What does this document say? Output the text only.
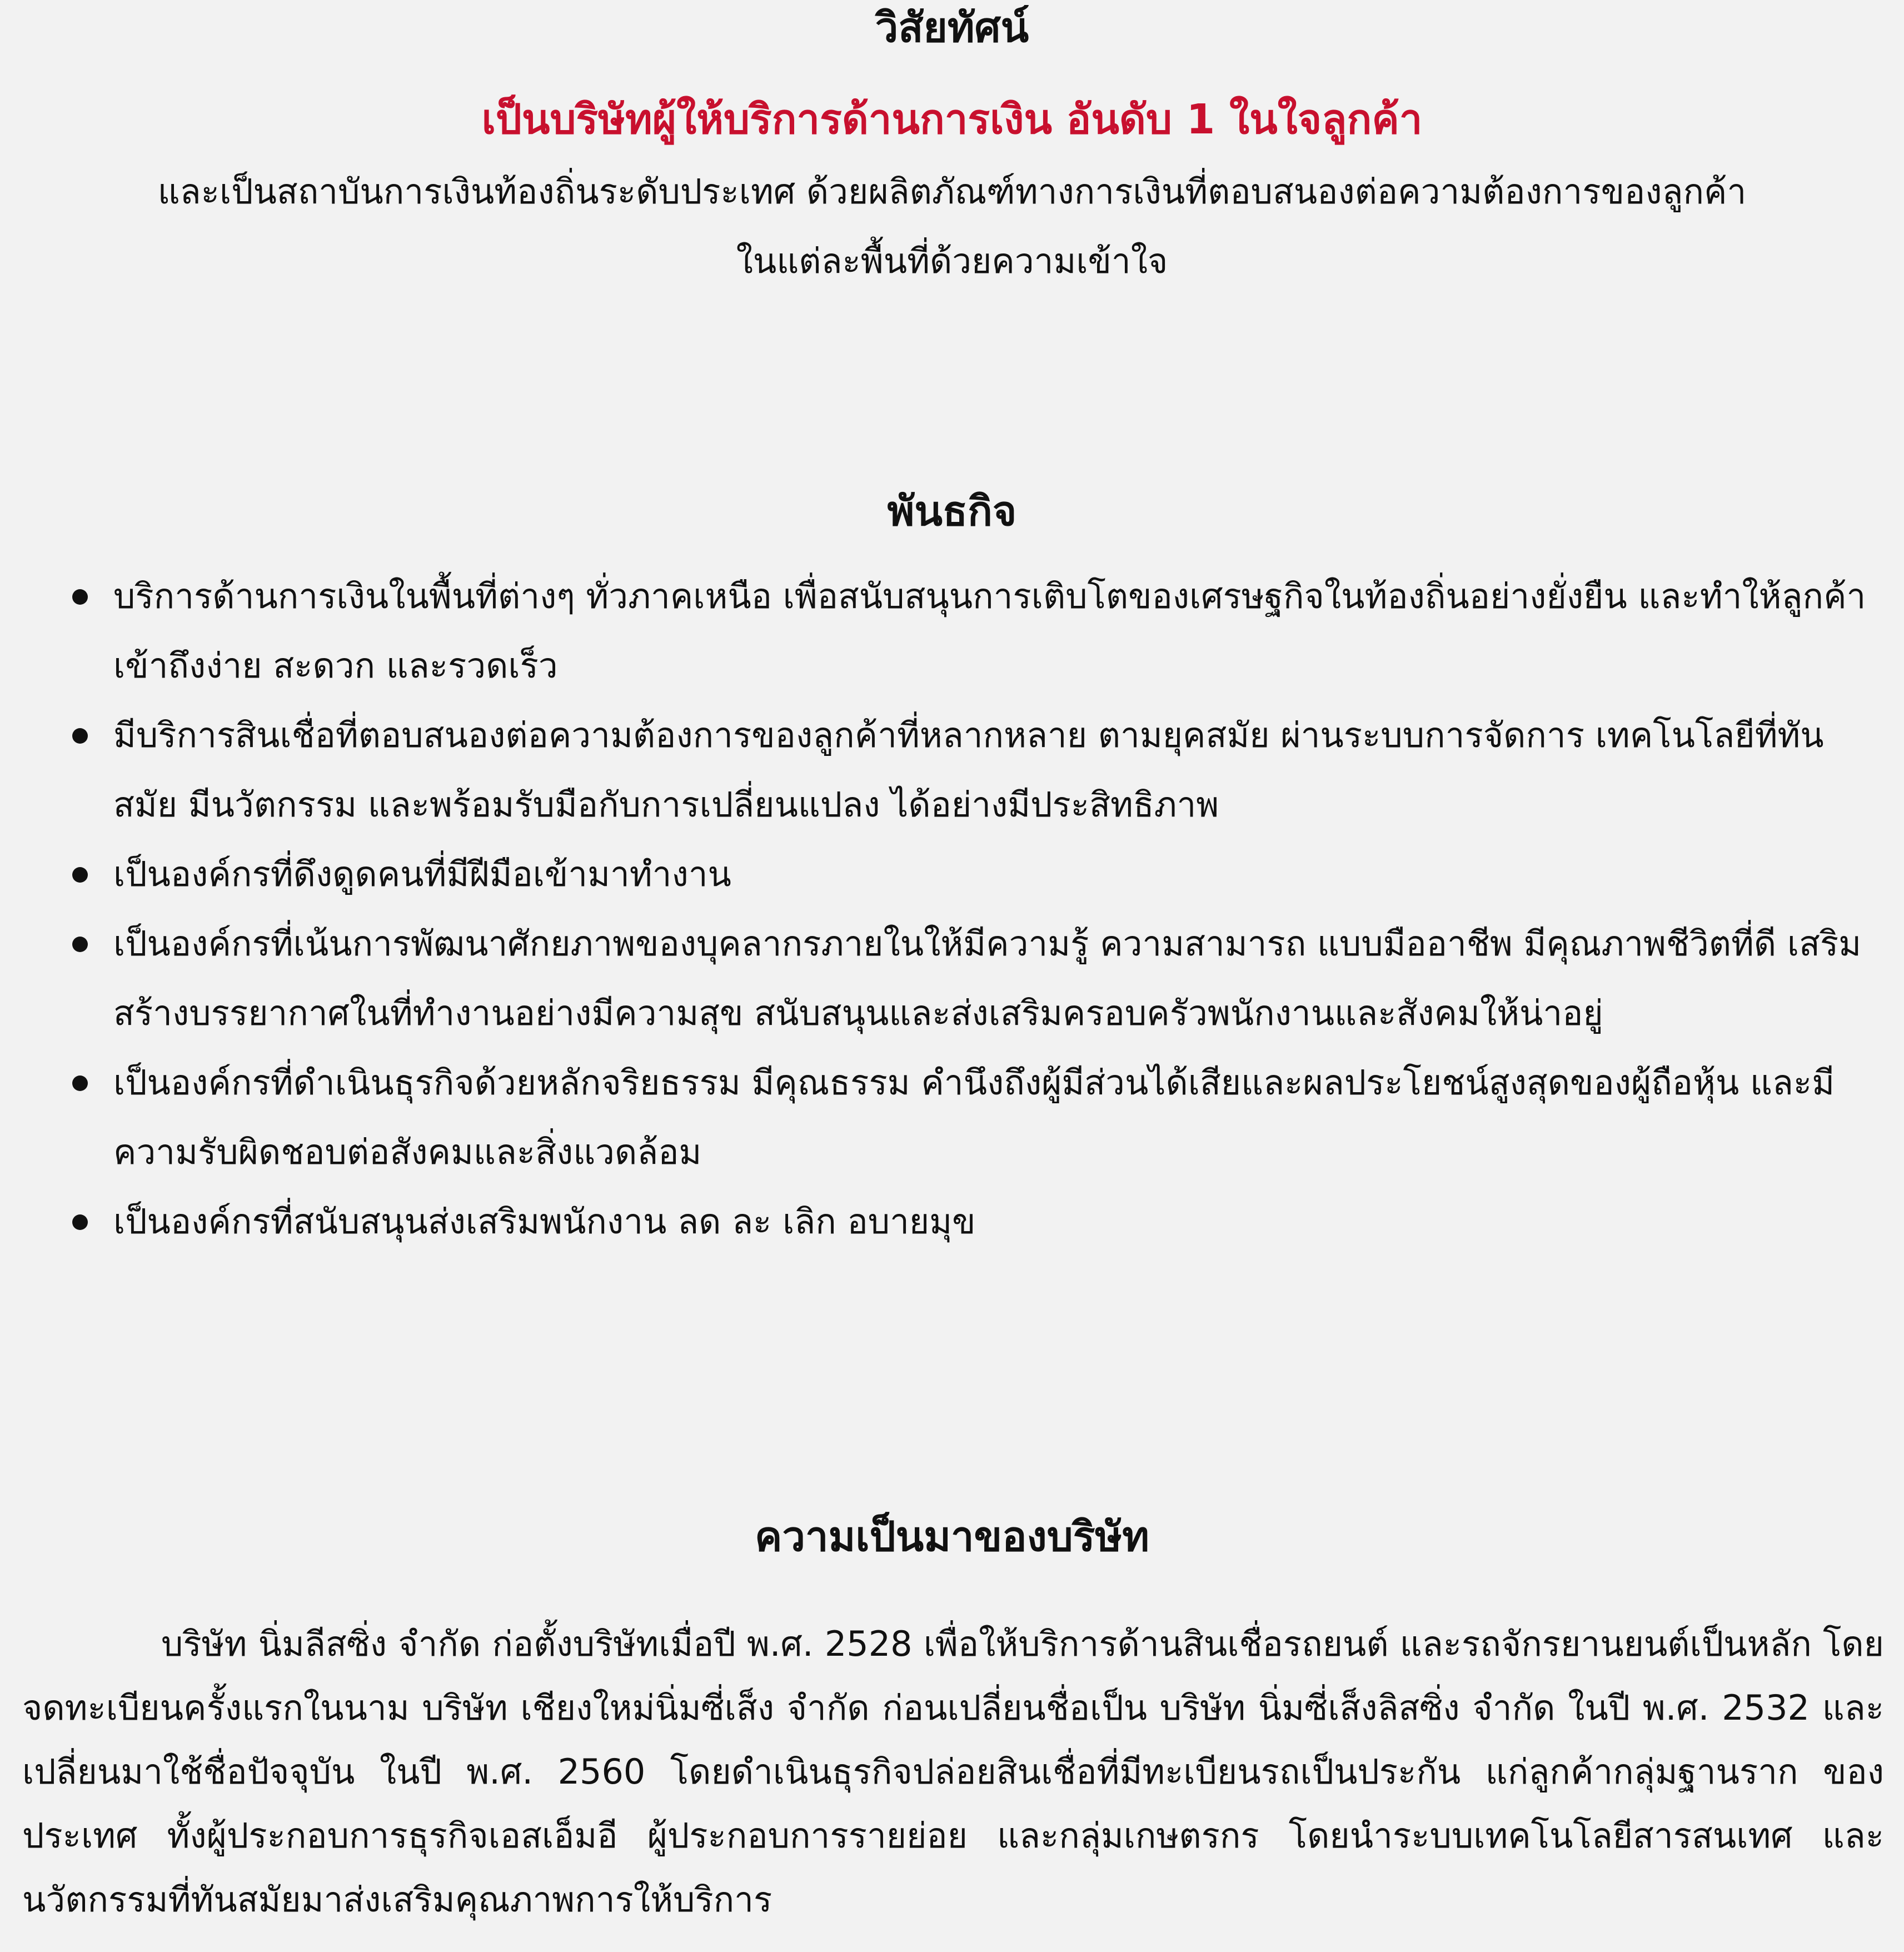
วิสัยทัศน์

เป็นบริษัทผู้ให้บริการด้านการเงิน อันดับ 1 ในใจลูกค้า

และเป็นสถาบันการเงินท้องถิ่นระดับประเทศ ด้วยผลิตภัณฑ์ทางการเงินที่ตอบสนองต่อความต้องการของลูกค้า

ในแต่ละพื้นที่ด้วยความเข้าใจ

พันธกิจ
บริการด้านการเงินในพื้นที่ต่างๆ ทั่วภาคเหนือ เพื่อสนับสนุนการเติบโตของเศรษฐกิจในท้องถิ่นอย่างยั่งยืน และทำให้ลูกค้าเข้าถึงง่าย สะดวก และรวดเร็ว
มีบริการสินเชื่อที่ตอบสนองต่อความต้องการของลูกค้าที่หลากหลาย ตามยุคสมัย ผ่านระบบการจัดการ เทคโนโลยีที่ทันสมัย มีนวัตกรรม และพร้อมรับมือกับการเปลี่ยนแปลง ได้อย่างมีประสิทธิภาพ
เป็นองค์กรที่ดึงดูดคนที่มีฝีมือเข้ามาทำงาน
เป็นองค์กรที่เน้นการพัฒนาศักยภาพของบุคลากรภายในให้มีความรู้ ความสามารถ แบบมืออาชีพ มีคุณภาพชีวิตที่ดี เสริมสร้างบรรยากาศในที่ทำงานอย่างมีความสุข สนับสนุนและส่งเสริมครอบครัวพนักงานและสังคมให้น่าอยู่
เป็นองค์กรที่ดำเนินธุรกิจด้วยหลักจริยธรรม มีคุณธรรม คำนึงถึงผู้มีส่วนได้เสียและผลประโยชน์สูงสุดของผู้ถือหุ้น และมีความรับผิดชอบต่อสังคมและสิ่งแวดล้อม
เป็นองค์กรที่สนับสนุนส่งเสริมพนักงาน ลด ละ เลิก อบายมุข
ความเป็นมาของบริษัท

บริษัท นิ่มลีสซิ่ง จำกัด ก่อตั้งบริษัทเมื่อปี พ.ศ. 2528 เพื่อให้บริการด้านสินเชื่อรถยนต์ และรถจักรยานยนต์เป็นหลัก โดยจดทะเบียนครั้งแรกในนาม บริษัท เชียงใหม่นิ่มซี่เส็ง จำกัด ก่อนเปลี่ยนชื่อเป็น บริษัท นิ่มซี่เส็งลิสซิ่ง จำกัด ในปี พ.ศ. 2532 และเปลี่ยนมาใช้ชื่อปัจจุบัน ในปี พ.ศ. 2560 โดยดำเนินธุรกิจปล่อยสินเชื่อที่มีทะเบียนรถเป็นประกัน แก่ลูกค้ากลุ่มฐานราก ของประเทศ ทั้งผู้ประกอบการธุรกิจเอสเอ็มอี ผู้ประกอบการรายย่อย และกลุ่มเกษตรกร โดยนำระบบเทคโนโลยีสารสนเทศ และนวัตกรรมที่ทันสมัยมาส่งเสริมคุณภาพการให้บริการ
